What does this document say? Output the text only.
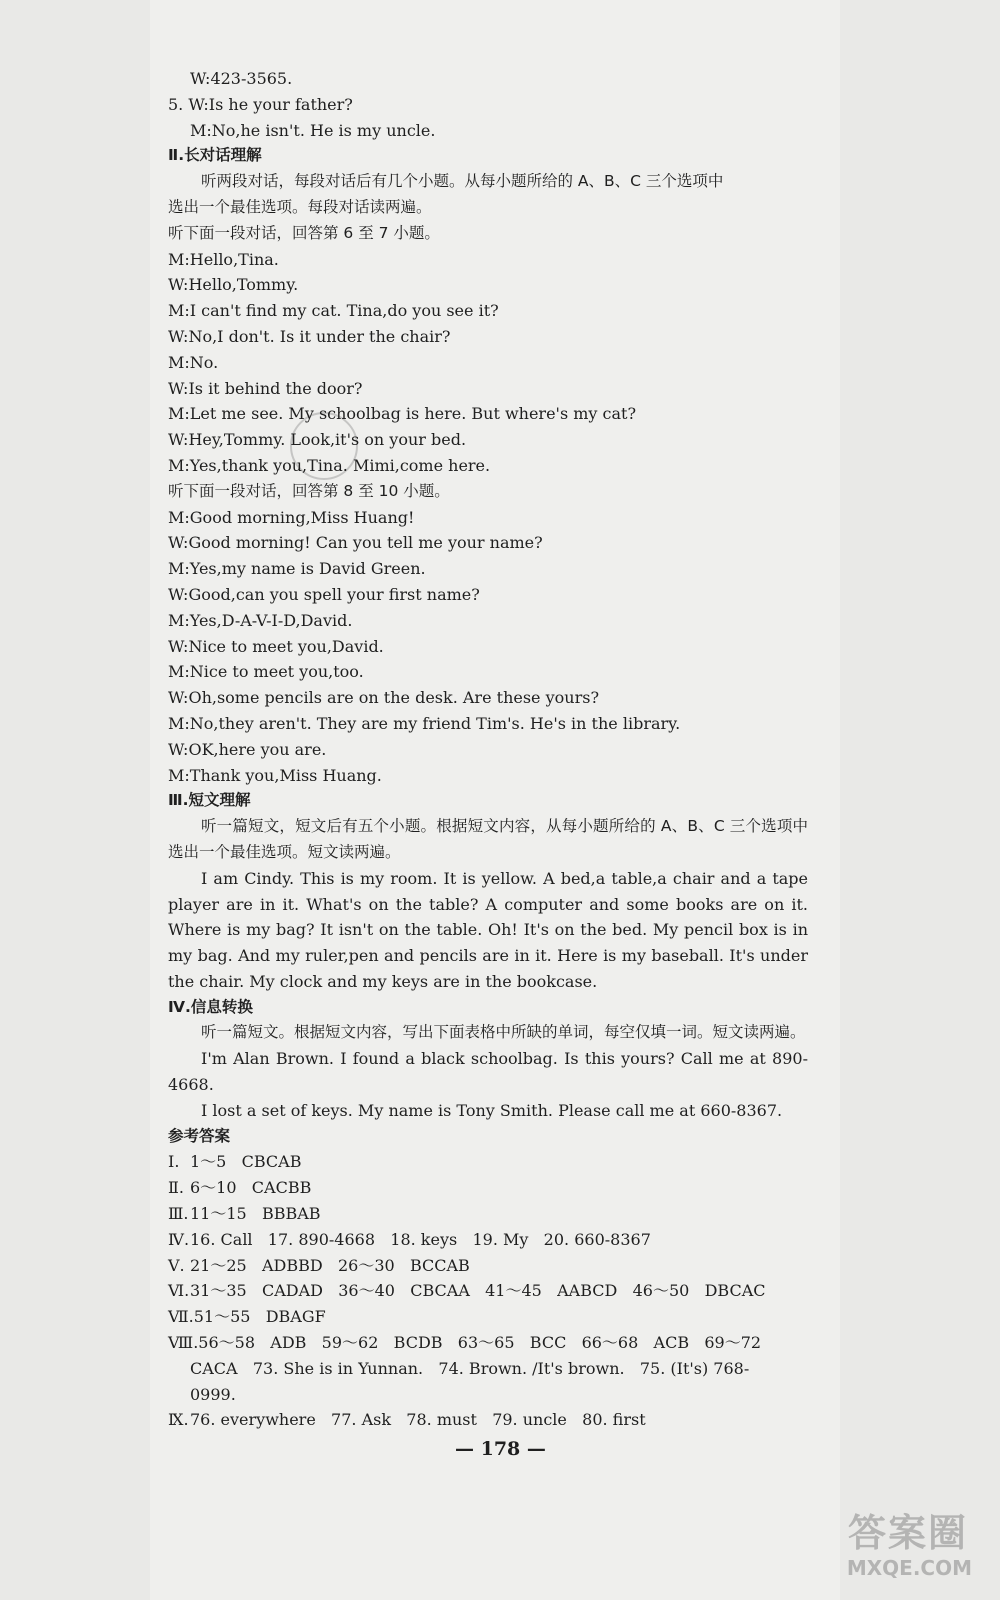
W:423-3565.
5. W:Is he your father?
M:No,he isn't. He is my uncle.
Ⅱ.长对话理解
听两段对话，每段对话后有几个小题。从每小题所给的 A、B、C 三个选项中
选出一个最佳选项。每段对话读两遍。
听下面一段对话，回答第 6 至 7 小题。
M:Hello,Tina.
W:Hello,Tommy.
M:I can't find my cat. Tina,do you see it?
W:No,I don't. Is it under the chair?
M:No.
W:Is it behind the door?
M:Let me see. My schoolbag is here. But where's my cat?
W:Hey,Tommy. Look,it's on your bed.
M:Yes,thank you,Tina. Mimi,come here.
听下面一段对话，回答第 8 至 10 小题。
M:Good morning,Miss Huang!
W:Good morning! Can you tell me your name?
M:Yes,my name is David Green.
W:Good,can you spell your first name?
M:Yes,D-A-V-I-D,David.
W:Nice to meet you,David.
M:Nice to meet you,too.
W:Oh,some pencils are on the desk. Are these yours?
M:No,they aren't. They are my friend Tim's. He's in the library.
W:OK,here you are.
M:Thank you,Miss Huang.
Ⅲ.短文理解
听一篇短文，短文后有五个小题。根据短文内容，从每小题所给的 A、B、C 三个选项中选出一个最佳选项。短文读两遍。
I am Cindy. This is my room. It is yellow. A bed,a table,a chair and a tape player are in it. What's on the table? A computer and some books are on it. Where is my bag? It isn't on the table. Oh! It's on the bed. My pencil box is in my bag. And my ruler,pen and pencils are in it. Here is my baseball. It's under the chair. My clock and my keys are in the bookcase.
Ⅳ.信息转换
听一篇短文。根据短文内容，写出下面表格中所缺的单词，每空仅填一词。短文读两遍。
I'm Alan Brown. I found a black schoolbag. Is this yours? Call me at 890-4668.
I lost a set of keys. My name is Tony Smith. Please call me at 660-8367.
参考答案
Ⅰ. 1～5   CBCAB
Ⅱ. 6～10   CACBB
Ⅲ.11～15   BBBAB
Ⅳ.16. Call   17. 890-4668   18. keys   19. My   20. 660-8367
Ⅴ. 21～25   ADBBD   26～30   BCCAB
Ⅵ.31～35   CADAD   36～40   CBCAA   41～45   AABCD   46～50   DBCAC
Ⅶ.51～55   DBAGF
Ⅷ.56～58   ADB   59～62   BCDB   63～65   BCC   66～68   ACB   69～72
CACA   73. She is in Yunnan.   74. Brown. /It's brown.   75. (It's) 768-
0999.
Ⅸ.76. everywhere   77. Ask   78. must   79. uncle   80. first
— 178 —
答案圈
MXQE.COM
